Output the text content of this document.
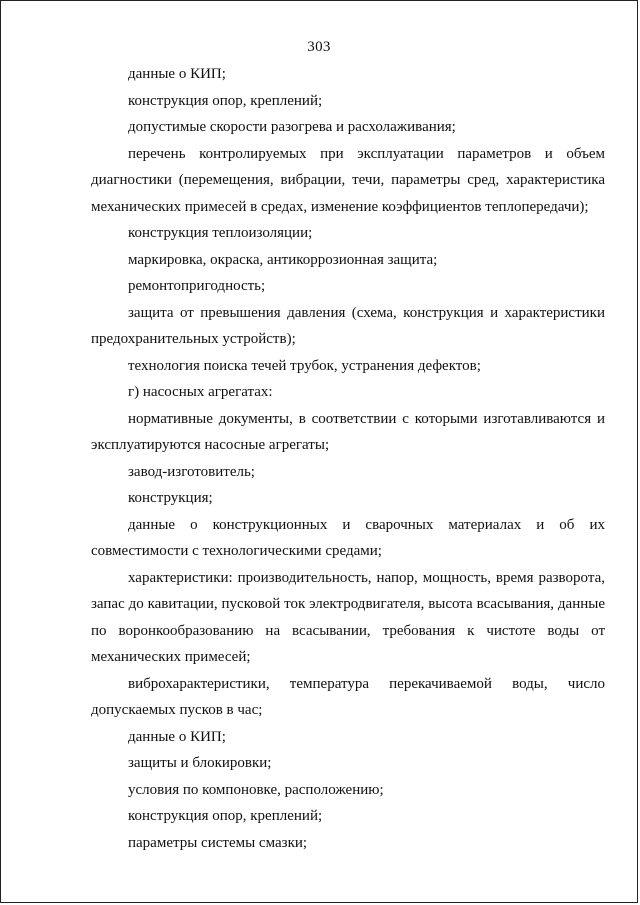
303

данные о КИП;

конструкция опор, креплений;

допустимые скорости разогрева и расхолаживания;

перечень контролируемых при эксплуатации параметров и объем диагностики (перемещения, вибрации, течи, параметры сред, характеристика механических примесей в средах, изменение коэффициентов теплопередачи);

конструкция теплоизоляции;

маркировка, окраска, антикоррозионная защита;

ремонтопригодность;

защита от превышения давления (схема, конструкция и характеристики предохранительных устройств);

технология поиска течей трубок, устранения дефектов;

г) насосных агрегатах:

нормативные документы, в соответствии с которыми изготавливаются и эксплуатируются насосные агрегаты;

завод-изготовитель;

конструкция;

данные о конструкционных и сварочных материалах и об их совместимости с технологическими средами;

характеристики: производительность, напор, мощность, время разворота, запас до кавитации, пусковой ток электродвигателя, высота всасывания, данные по воронкообразованию на всасывании, требования к чистоте воды от механических примесей;

виброхарактеристики, температура перекачиваемой воды, число допускаемых пусков в час;

данные о КИП;

защиты и блокировки;

условия по компоновке, расположению;

конструкция опор, креплений;

параметры системы смазки;
